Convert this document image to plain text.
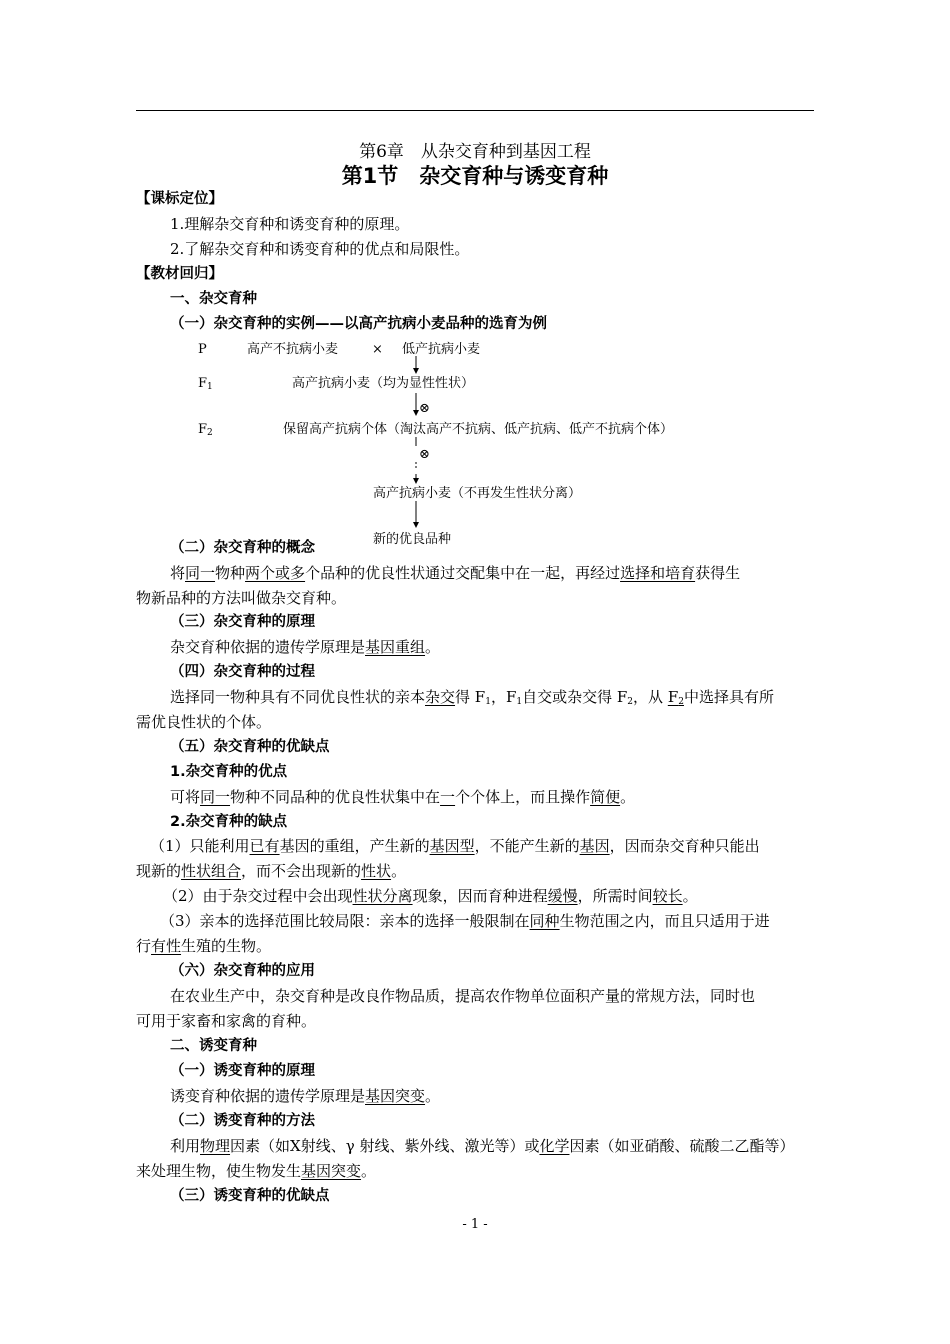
第6章　从杂交育种到基因工程
第1节　杂交育种与诱变育种
【课标定位】
1.理解杂交育种和诱变育种的原理。
2.了解杂交育种和诱变育种的优点和局限性。
【教材回归】
一、杂交育种
（一）杂交育种的实例——以高产抗病小麦品种的选育为例
P	高产不抗病小麦	× 低产抗病小麦
$F_1$	高产抗病小麦（均为显性性状）
⊗
$F_2$	保留高产抗病个体（淘汰高产不抗病、低产抗病、低产不抗病个体）
⊗
高产抗病小麦（不再发生性状分离）
新的优良品种
（二）杂交育种的概念
将同一物种两个或多个品种的优良性状通过交配集中在一起，再经过选择和培育获得生
物新品种的方法叫做杂交育种。
（三）杂交育种的原理
杂交育种依据的遗传学原理是基因重组。
（四）杂交育种的过程
选择同一物种具有不同优良性状的亲本杂交得 $F_1$，$F_1$自交或杂交得 $F_2$，从 $F_2$中选择具有所
需优良性状的个体。
（五）杂交育种的优缺点
1.杂交育种的优点
可将同一物种不同品种的优良性状集中在一个个体上，而且操作简便。
2.杂交育种的缺点
（1）只能利用已有基因的重组，产生新的基因型，不能产生新的基因，因而杂交育种只能出
现新的性状组合，而不会出现新的性状。
（2）由于杂交过程中会出现性状分离现象，因而育种进程缓慢，所需时间较长。
（3）亲本的选择范围比较局限：亲本的选择一般限制在同种生物范围之内，而且只适用于进
行有性生殖的生物。
（六）杂交育种的应用
在农业生产中，杂交育种是改良作物品质，提高农作物单位面积产量的常规方法，同时也
可用于家畜和家禽的育种。
二、诱变育种
（一）诱变育种的原理
诱变育种依据的遗传学原理是基因突变。
（二）诱变育种的方法
利用物理因素（如X射线、γ 射线、紫外线、激光等）或化学因素（如亚硝酸、硫酸二乙酯等）
来处理生物，使生物发生基因突变。
（三）诱变育种的优缺点
- 1 -
